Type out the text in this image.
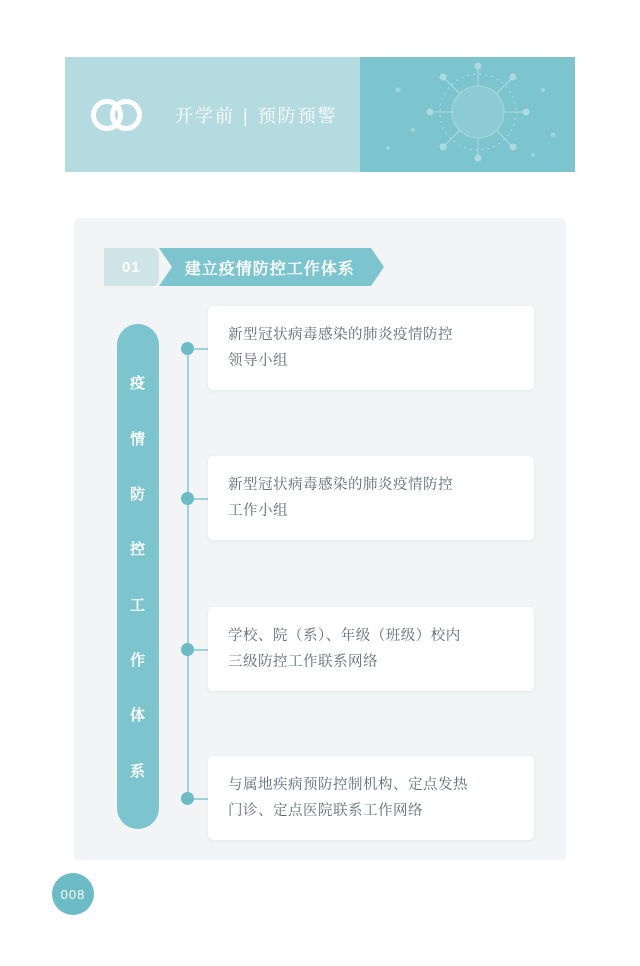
开学前 | 预防预警
01	建立疫情防控工作体系
疫
情
防
控
工
作
体
系
新型冠状病毒感染的肺炎疫情防控
领导小组
新型冠状病毒感染的肺炎疫情防控
工作小组
学校、院（系）、年级（班级）校内
三级防控工作联系网络
与属地疾病预防控制机构、定点发热
门诊、定点医院联系工作网络
008
